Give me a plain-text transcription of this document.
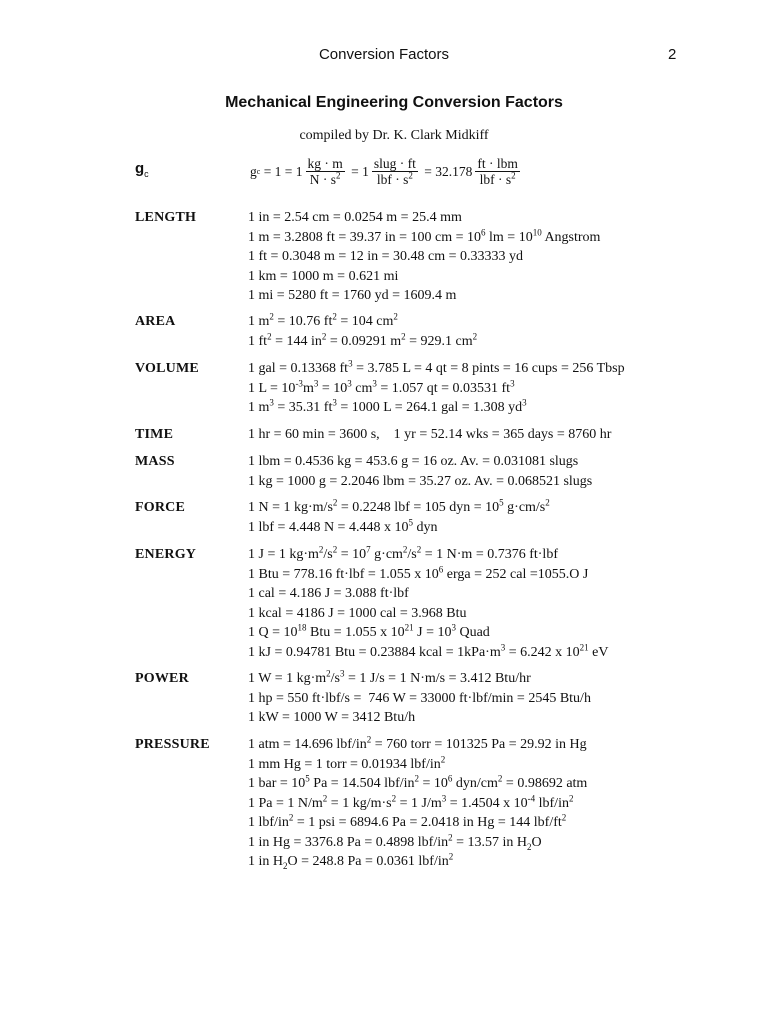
Conversion Factors	2
Mechanical Engineering Conversion Factors
compiled by Dr. K. Clark Midkiff
$g_c$	g $c = 1 = 1 \frac{kg \cdot m}{N \cdot s^2} = 1 \frac{\text{slug · ft}}{lbf \cdot s^2} = 32.178 \frac{\text{ft · lbm}}{lbf \cdot s^2}$
LENGTH	1 in = 2.54 cm = 0.0254 m = 25.4 mm
1 m = 3.2808 ft = 39.37 in = 100 cm = $10^6$ lm = $10^{10}$ Angstrom
1 ft = 0.3048 m = 12 in = 30.48 cm = 0.33333 yd
1 km = 1000 m = 0.621 mi
1 mi = 5280 ft = 1760 yd = 1609.4 m
AREA	1 $m^2 = 10.76$ $ft^2 = 104$ $cm^2$
1 $ft^2 = 144$ $in^2 = 0.09291$ $m^2 = 929.1$ $cm^2$
VOLUME	1 gal = 0.13368 $ft^3 = 3.785$ L = 4 qt = 8 pints = 16 cups = 256 Tbsp
1 $L = 10^{-3}m^3 = 10^3$ $cm^3 = 1.057$ qt = 0.03531 $ft^3$
1 $m^3 = 35.31$ $ft^3 = 1000$ L = 264.1 gal = 1.308 $yd^3$
TIME	1 hr = 60 min = 3600 s,    1 yr = 52.14 wks = 365 days = 8760 hr
MASS	1 lbm = 0.4536 kg = 453.6 g = 16 oz. Av. = 0.031081 slugs
1 kg = 1000 g = 2.2046 lbm = 35.27 oz. Av. = 0.068521 slugs
FORCE	1 N = 1 $kg\cdot m/s^2 = 0.2248$ lbf = 105 dyn = $10^5$ $g\cdot cm/s^2$
1 lbf = 4.448 N = 4.448 x $10^5$ dyn
ENERGY	1 J = 1 $kg\cdot m^2/s^2 = 10^7$ $g\cdot cm^2/s^2 = 1$ N·m = 0.7376 ft·lbf
1 Btu = 778.16 ft·lbf = 1.055 x $10^6$ erga = 252 cal =1055.O J
1 cal = 4.186 J = 3.088 ft·lbf
1 kcal = 4186 J = 1000 cal = 3.968 Btu
1 $Q = 10^{18}$ Btu = 1.055 x $10^{21}$ $J = 10^3$ Quad
1 kJ = 0.94781 Btu = 0.23884 kcal = $1kPa\cdot m^3 = 6.242$ x $10^{21}$ eV
POWER	1 W = 1 $kg\cdot m^2/s^3 = 1$ J/s = 1 N·m/s = 3.412 Btu/hr
1 hp = 550 ft·lbf/s =  746 W = 33000 ft·lbf/min = 2545 Btu/h
1 kW = 1000 W = 3412 Btu/h
PRESSURE	1 atm = 14.696 lbf/$in^2 = 760$ torr = 101325 Pa = 29.92 in Hg
1 mm Hg = 1 torr = 0.01934 lbf/$in^2$
1 bar = $10^5$ Pa = 14.504 lbf/$in^2 = 10^6$ dyn/$cm^2 = 0.98692$ atm
1 Pa = 1 $N/m^2 = 1$ $kg/m\cdot s^2 = 1$ $J/m^3 = 1.4504$ x $10^{-4}$ lbf/$in^2$
1 lbf/$in^2 = 1$ psi = 6894.6 Pa = 2.0418 in Hg = 144 lbf/$ft^2$
1 in Hg = 3376.8 Pa = 0.4898 lbf/$in^2 = 13.57$ in $H_2O$
1 in $H_2O = 248.8$ Pa = 0.0361 lbf/$in^2$
